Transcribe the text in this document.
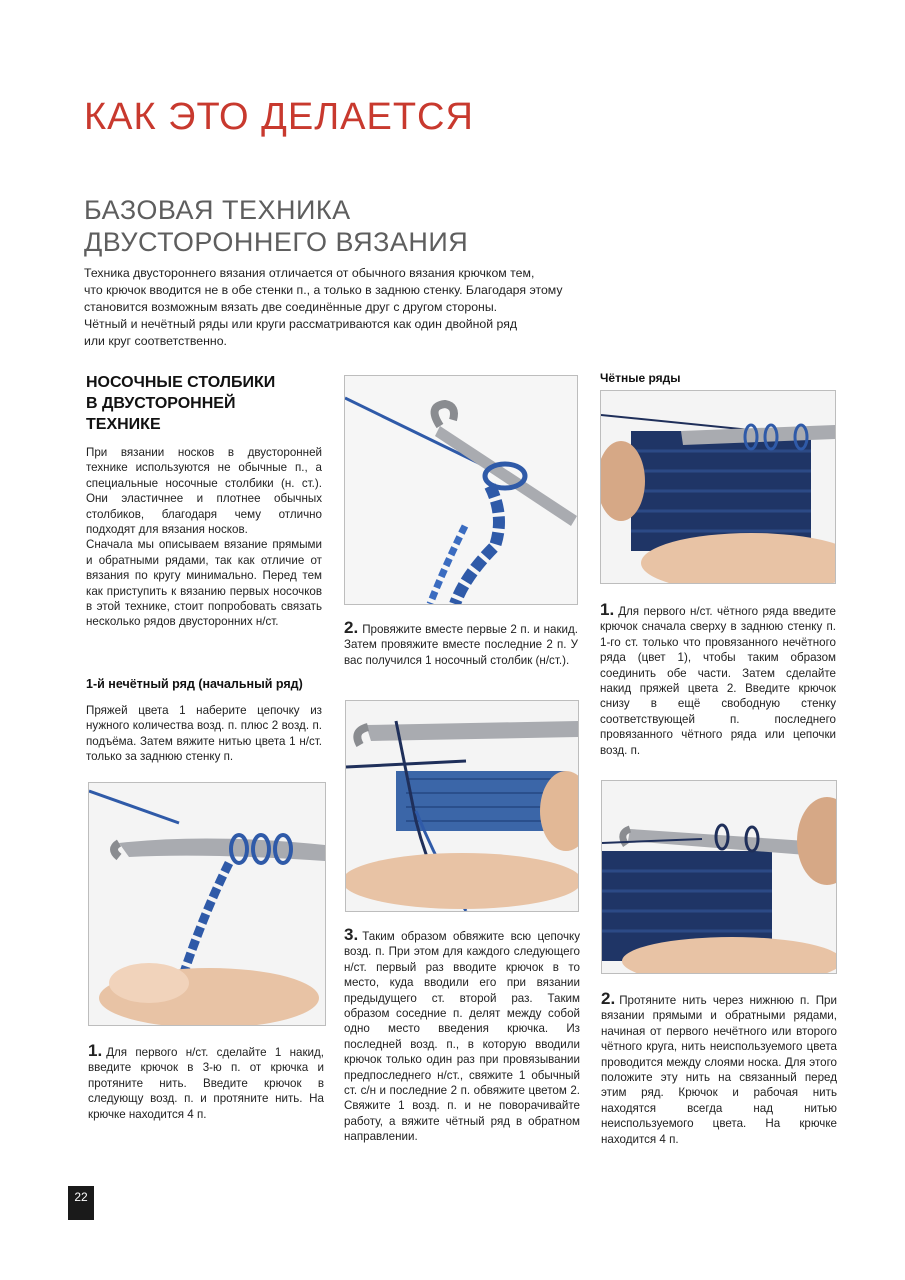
КАК ЭТО ДЕЛАЕТСЯ
БАЗОВАЯ ТЕХНИКА
ДВУСТОРОННЕГО ВЯЗАНИЯ

Техника двустороннего вязания отличается от обычного вязания крючком тем,

что крючок вводится не в обе стенки п., а только в заднюю стенку. Благодаря этому

становится возможным вязать две соединённые друг с другом стороны.

Чётный и нечётный ряды или круги рассматриваются как один двойной ряд

или круг соответственно.

НОСОЧНЫЕ СТОЛБИКИ
В ДВУСТОРОННЕЙ
ТЕХНИКЕ

При вязании носков в двусторонней технике используются не обычные п., а специальные носочные столбики (н. ст.). Они эластичнее и плотнее обычных столбиков, благодаря чему отлично подходят для вязания носков.

Сначала мы описываем вязание прямыми и обратными рядами, так как отличие от вязания по кругу минимально. Перед тем как приступить к вязанию первых носочков в этой технике, стоит попробовать связать несколько рядов двусторонних н/ст.

1-й нечётный ряд (начальный ряд)
Пряжей цвета 1 наберите цепочку из нужного количества возд. п. плюс 2 возд. п. подъёма. Затем вяжите нитью цвета 1 н/ст. только за заднюю стенку п.
1. Для первого н/ст. сделайте 1 накид, введите крючок в 3-ю п. от крючка и протяните нить. Введите крючок в следующу возд. п. и протяните нить. На крючке находится 4 п.
2. Провяжите вместе первые 2 п. и накид. Затем провяжите вместе последние 2 п. У вас получился 1 носочный столбик (н/ст.).
3. Таким образом обвяжите всю цепочку возд. п. При этом для каждого следующего н/ст. первый раз вводите крючок в то место, куда вводили его при вязании предыдущего ст. второй раз. Таким образом соседние п. делят между собой одно место введения крючка. Из последней возд. п., в которую вводили крючок только один раз при провязывании предпоследнего н/ст., свяжите 1 обычный ст. с/н и последние 2 п. обвяжите цветом 2. Свяжите 1 возд. п. и не поворачивайте работу, а вяжите чётный ряд в обратном направлении.
Чётные ряды
1. Для первого н/ст. чётного ряда введите крючок сначала сверху в заднюю стенку п. 1-го ст. только что провязанного нечётного ряда (цвет 1), чтобы таким образом соединить обе части. Затем сделайте накид пряжей цвета 2. Введите крючок снизу в ещё свободную стенку соответствующей п. последнего провязанного чётного ряда или цепочки возд. п.
2. Протяните нить через нижнюю п. При вязании прямыми и обратными рядами, начиная от первого нечётного или второго чётного круга, нить неиспользуемого цвета проводится между слоями носка. Для этого положите эту нить на связанный перед этим ряд. Крючок и рабочая нить находятся всегда над нитью неиспользуемого цвета. На крючке находится 4 п.
22
